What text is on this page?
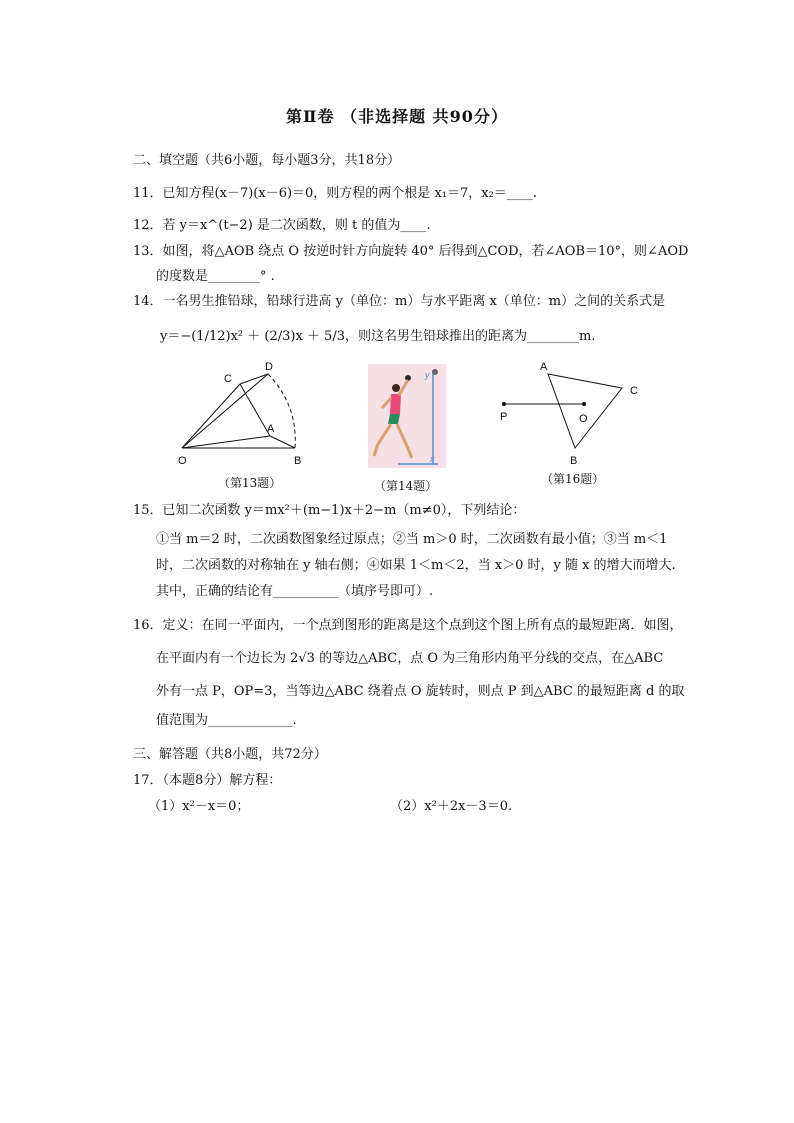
第Ⅱ卷 （非选择题 共90分）
二、填空题（共6小题，每小题3分，共18分）
11．已知方程(x－7)(x－6)＝0，则方程的两个根是 x₁＝7，x₂＝____.
12．若 y＝x^(t−2) 是二次函数，则 t 的值为____.
13．如图，将△AOB 绕点 O 按逆时针方向旋转 40° 后得到△COD，若∠AOB＝10°，则∠AOD
的度数是________° .
14．一名男生推铅球，铅球行进高 y（单位：m）与水平距离 x（单位：m）之间的关系式是
y＝−(1/12)x² ＋ (2/3)x ＋ 5/3，则这名男生铅球推出的距离为________m.
C
D
A
O	B
（第13题）
y
x
（第14题）
A
C
P	O
B
（第16题）
15．已知二次函数 y＝mx²＋(m−1)x＋2−m（m≠0），下列结论：
①当 m＝2 时，二次函数图象经过原点；②当 m＞0 时，二次函数有最小值；③当 m＜1
时，二次函数的对称轴在 y 轴右侧；④如果 1＜m＜2，当 x＞0 时，y 随 x 的增大而增大.
其中，正确的结论有__________（填序号即可）.
16．定义：在同一平面内，一个点到图形的距离是这个点到这个图上所有点的最短距离．如图，
在平面内有一个边长为 2√3 的等边△ABC，点 O 为三角形内角平分线的交点，在△ABC
外有一点 P，OP=3，当等边△ABC 绕着点 O 旋转时，则点 P 到△ABC 的最短距离 d 的取
值范围为_____________.
三、解答题（共8小题，共72分）
17．（本题8分）解方程：
（1）x²－x＝0；	（2）x²＋2x－3＝0.
